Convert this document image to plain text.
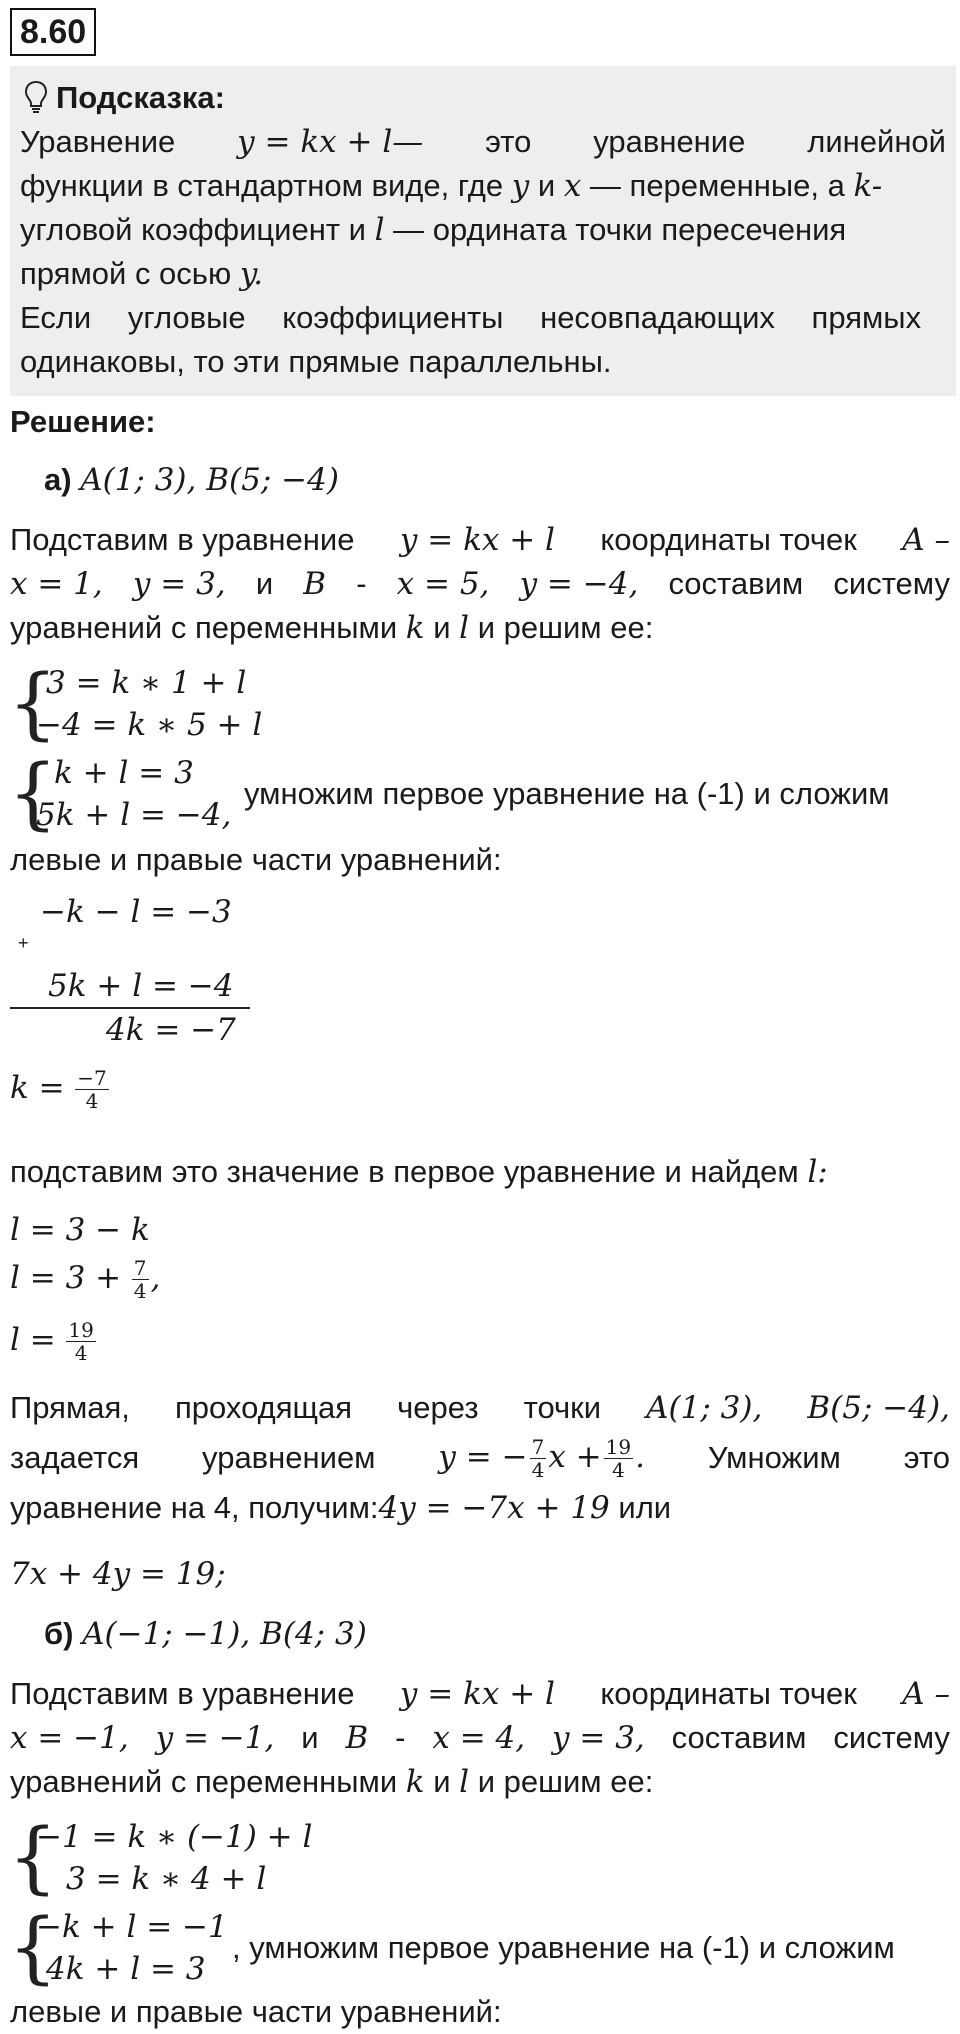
8.60
Подсказка:
Уравнение y = kx + l— это уравнение линейной
функции в стандартном виде, где y и x — переменные, а k-
угловой коэффициент и l — ордината точки пересечения
прямой с осью y.
Если угловые коэффициенты несовпадающих прямых
одинаковы, то эти прямые параллельны.
Решение:
а) A(1; 3), B(5; −4)
Подставим в уравнение y = kx + l координаты точек A –
x = 1, y = 3, и B - x = 5, y = −4, составим систему
уравнений с переменными k и l и решим ее:
{
3 = k ∗ 1 + l
−4 = k ∗ 5 + l
{
k + l = 3
5k + l = −4,
умножим первое уравнение на (-1) и сложим
левые и правые части уравнений:
−k − l = −3
+
5k + l = −4
4k = −7
$k = \frac{-7}{4}$
подставим это значение в первое уравнение и найдем l:
l = 3 − k
$l = 3 + \frac{7}{4}$ ,
$l = \frac{19}{4}$
Прямая, проходящая через точки A(1; 3), B(5; −4),
задается уравнением y = − $\frac{7}{4}$ $x + \frac{19}{4}$ . Умножим это
уравнение на 4, получим:4y = −7x + 19 или
7x + 4y = 19;
б) A(−1; −1), B(4; 3)
Подставим в уравнение y = kx + l координаты точек A –
x = −1, y = −1, и B - x = 4, y = 3, составим систему
уравнений с переменными k и l и решим ее:
{
−1 = k ∗ (−1) + l
3 = k ∗ 4 + l
{
−k + l = −1
4k + l = 3
, умножим первое уравнение на (-1) и сложим
левые и правые части уравнений:
